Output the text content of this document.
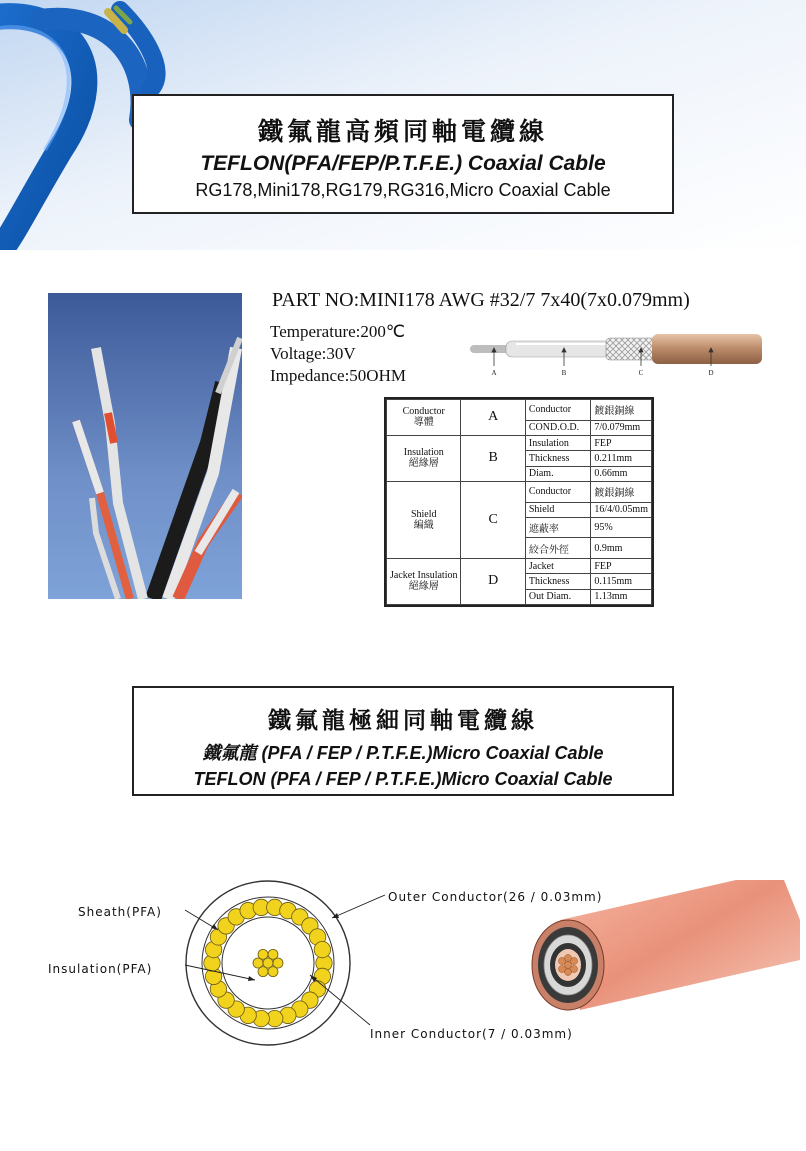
鐵氟龍高頻同軸電纜線
TEFLON(PFA/FEP/P.T.F.E.) Coaxial Cable
RG178,Mini178,RG179,RG316,Micro Coaxial Cable
PART NO:MINI178 AWG #32/7 7x40(7x0.079mm)
Temperature:200℃
Voltage:30V
Impedance:50OHM	A	B	C	D
Conductor
導體	A	Conductor	鍍銀銅線
		COND.O.D.	7/0.079mm
Insulation
絕緣層	B	Insulation	FEP
		Thickness	0.211mm
		Diam.	0.66mm
Shield
編織	C	Conductor	鍍銀銅線
		Shield	16/4/0.05mm
		遮蔽率	95%
		絞合外徑	0.9mm
Jacket Insulation
絕緣層	D	Jacket	FEP
		Thickness	0.115mm
		Out Diam.	1.13mm
鐵氟龍極細同軸電纜線
鐵氟龍 (PFA / FEP / P.T.F.E.)Micro Coaxial Cable
TEFLON (PFA / FEP / P.T.F.E.)Micro Coaxial Cable
Sheath(PFA)
Insulation(PFA)
Outer Conductor(26 / 0.03mm)
Inner Conductor(7 / 0.03mm)
